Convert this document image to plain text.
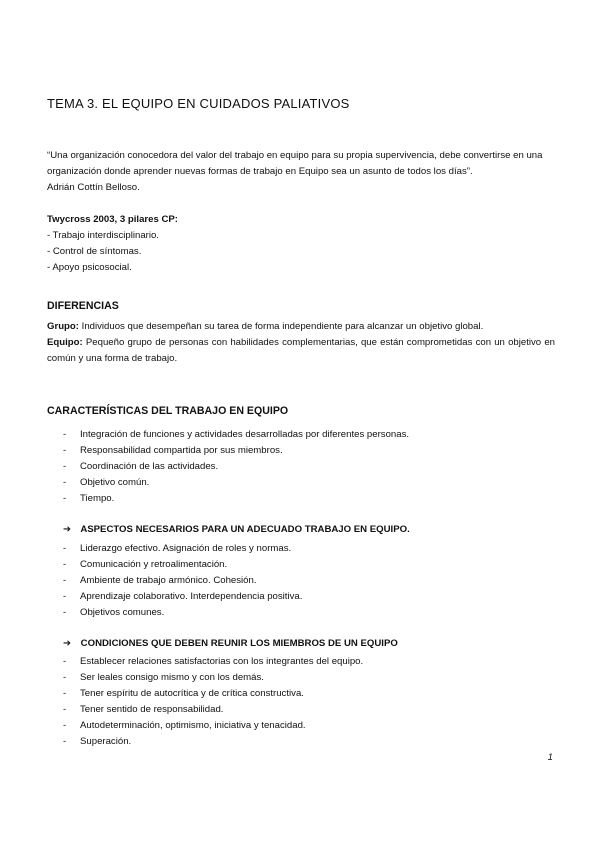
TEMA 3. EL EQUIPO EN CUIDADOS PALIATIVOS

“Una organización conocedora del valor del trabajo en equipo para su propia supervivencia, debe convertirse en una organización donde aprender nuevas formas de trabajo en Equipo sea un asunto de todos los días”.
Adrián Cottín Belloso.

Twycross 2003, 3 pilares CP:

- Trabajo interdisciplinario.

- Control de síntomas.

- Apoyo psicosocial.

DIFERENCIAS

Grupo: Individuos que desempeñan su tarea de forma independiente para alcanzar un objetivo global.

Equipo: Pequeño grupo de personas con habilidades complementarias, que están comprometidas con un objetivo en común y una forma de trabajo.

CARACTERÍSTICAS DEL TRABAJO EN EQUIPO
- Integración de funciones y actividades desarrolladas por diferentes personas.
- Responsabilidad compartida por sus miembros.
- Coordinación de las actividades.
- Objetivo común.
- Tiempo.

➔ ASPECTOS NECESARIOS PARA UN ADECUADO TRABAJO EN EQUIPO.

- Liderazgo efectivo. Asignación de roles y normas.
- Comunicación y retroalimentación.
- Ambiente de trabajo armónico. Cohesión.
- Aprendizaje colaborativo. Interdependencia positiva.
- Objetivos comunes.

➔ CONDICIONES QUE DEBEN REUNIR LOS MIEMBROS DE UN EQUIPO

- Establecer relaciones satisfactorias con los integrantes del equipo.
- Ser leales consigo mismo y con los demás.
- Tener espíritu de autocrítica y de crítica constructiva.
- Tener sentido de responsabilidad.
- Autodeterminación, optimismo, iniciativa y tenacidad.
- Superación.
1
